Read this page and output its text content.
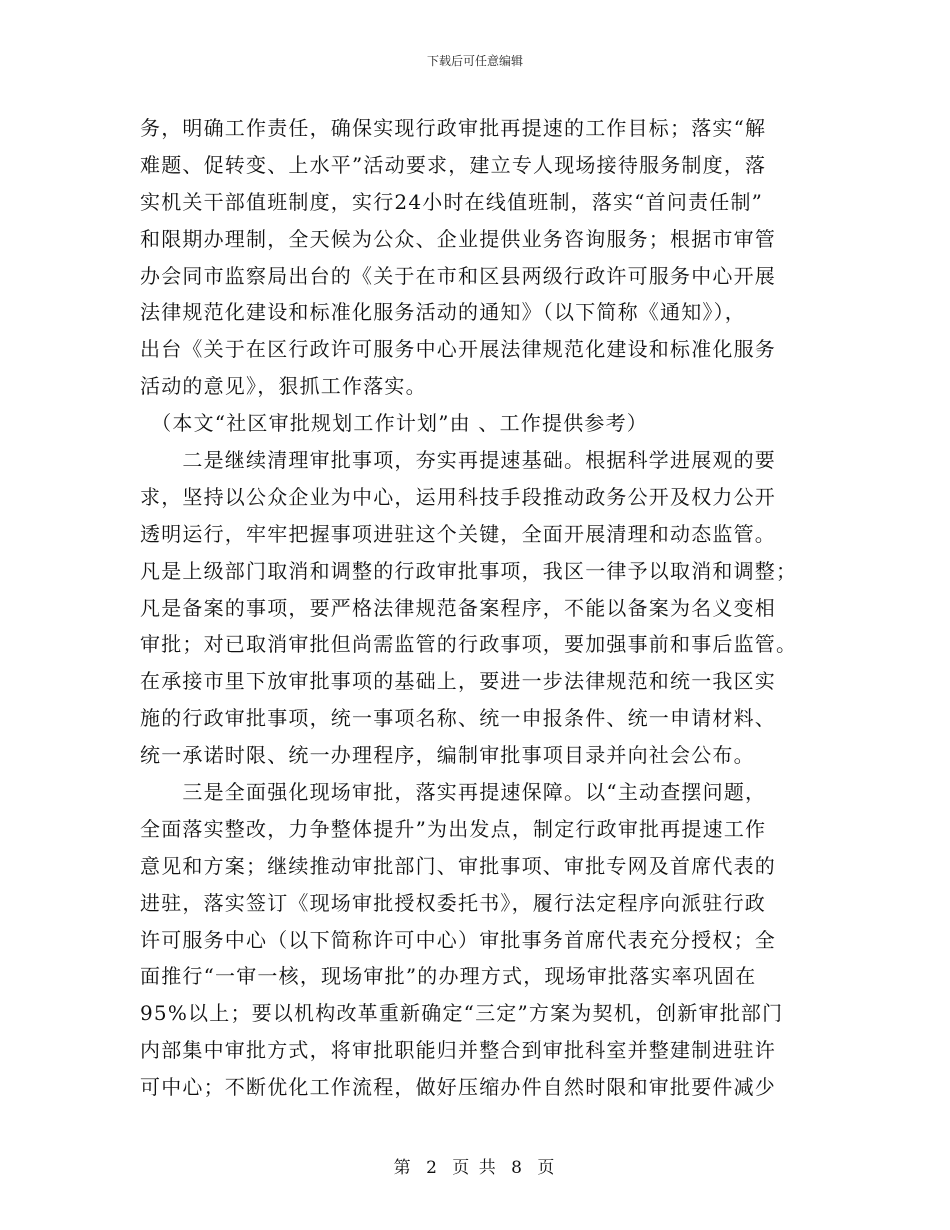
下载后可任意编辑
务，明确工作责任，确保实现行政审批再提速的工作目标；落实“解
难题、促转变、上水平”活动要求，建立专人现场接待服务制度，落
实机关干部值班制度，实行24小时在线值班制，落实“首问责任制”
和限期办理制，全天候为公众、企业提供业务咨询服务；根据市审管
办会同市监察局出台的《关于在市和区县两级行政许可服务中心开展
法律规范化建设和标准化服务活动的通知》（以下简称《通知》），
出台《关于在区行政许可服务中心开展法律规范化建设和标准化服务
活动的意见》，狠抓工作落实。
　（本文“社区审批规划工作计划”由 、工作提供参考）
　　二是继续清理审批事项，夯实再提速基础。根据科学进展观的要
求，坚持以公众企业为中心，运用科技手段推动政务公开及权力公开
透明运行，牢牢把握事项进驻这个关键，全面开展清理和动态监管。
凡是上级部门取消和调整的行政审批事项，我区一律予以取消和调整；
凡是备案的事项，要严格法律规范备案程序，不能以备案为名义变相
审批；对已取消审批但尚需监管的行政事项，要加强事前和事后监管。
在承接市里下放审批事项的基础上，要进一步法律规范和统一我区实
施的行政审批事项，统一事项名称、统一申报条件、统一申请材料、
统一承诺时限、统一办理程序，编制审批事项目录并向社会公布。
　　三是全面强化现场审批，落实再提速保障。以“主动查摆问题，
全面落实整改，力争整体提升”为出发点，制定行政审批再提速工作
意见和方案；继续推动审批部门、审批事项、审批专网及首席代表的
进驻，落实签订《现场审批授权委托书》，履行法定程序向派驻行政
许可服务中心（以下简称许可中心）审批事务首席代表充分授权；全
面推行“一审一核，现场审批”的办理方式，现场审批落实率巩固在
95%以上；要以机构改革重新确定“三定”方案为契机，创新审批部门
内部集中审批方式，将审批职能归并整合到审批科室并整建制进驻许
可中心；不断优化工作流程，做好压缩办件自然时限和审批要件减少
第 2 页 共 8 页
